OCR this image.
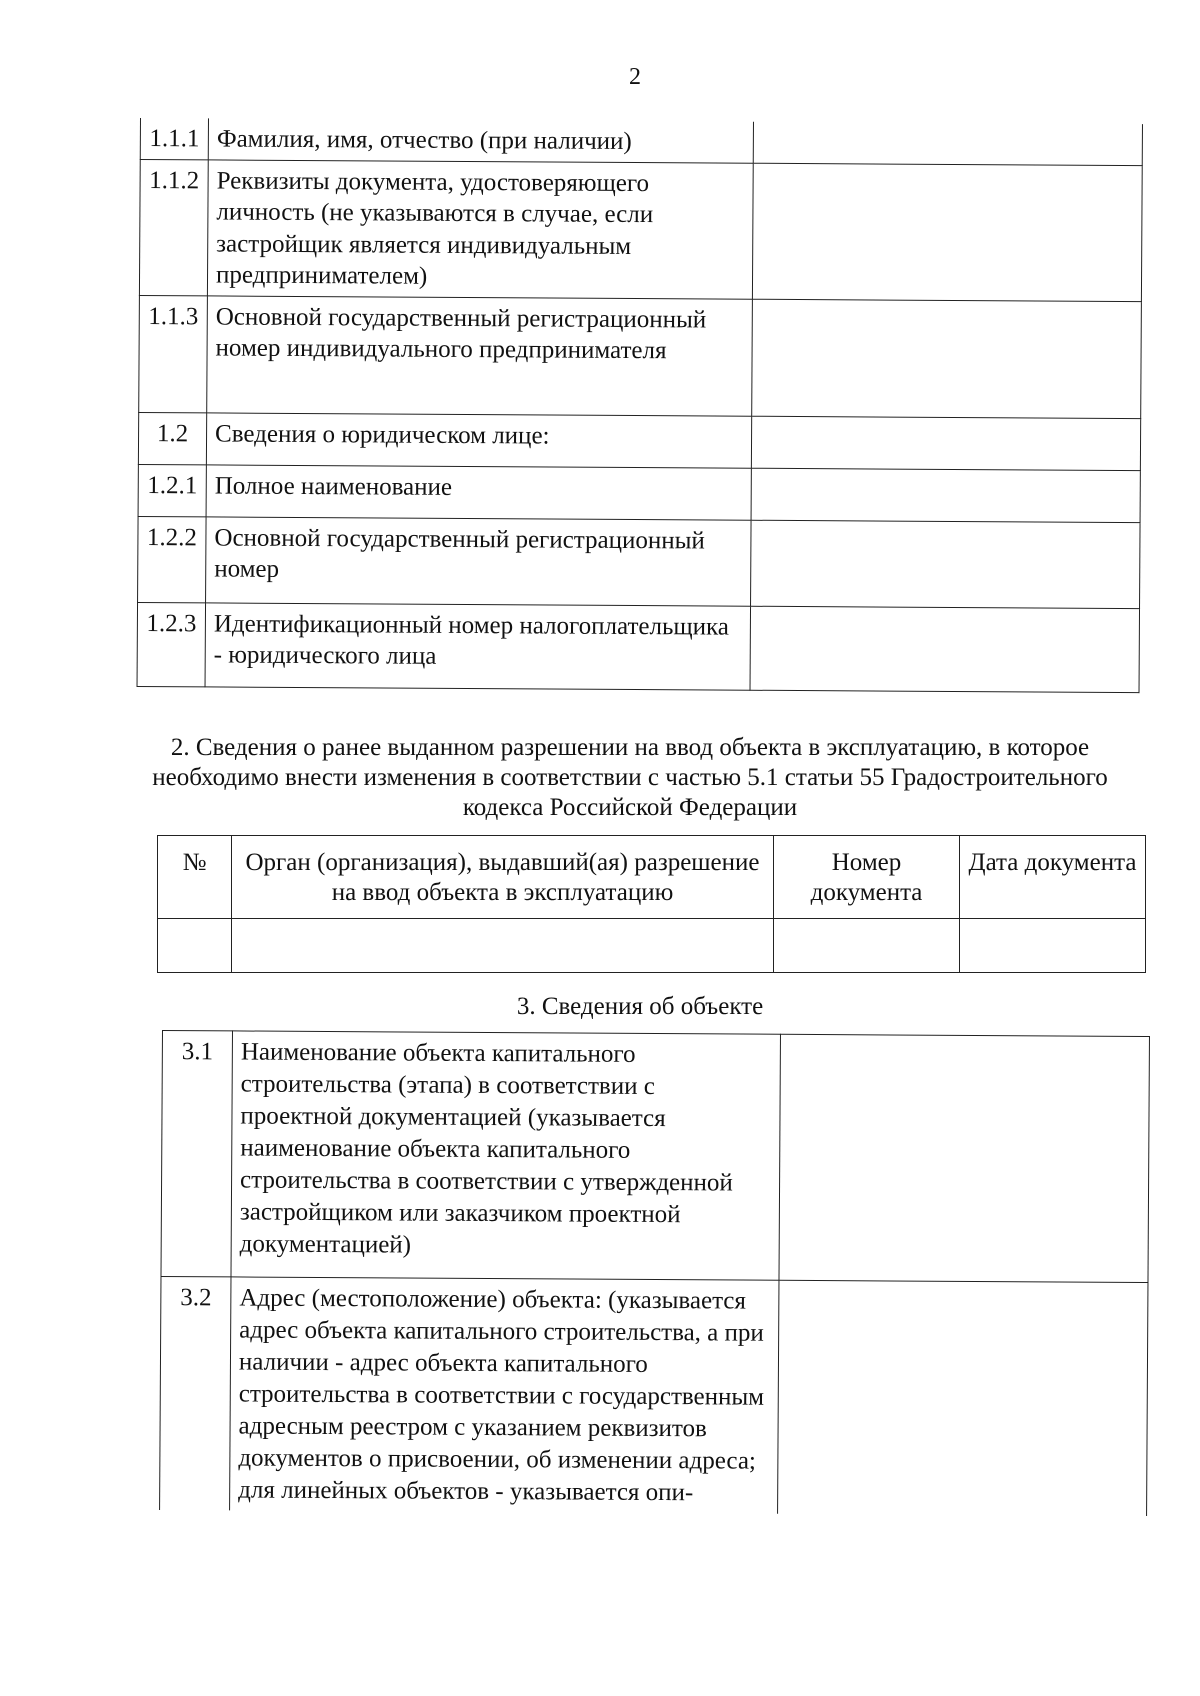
2
1.1.1	Фамилия, имя, отчество (при наличии)	
1.1.2	Реквизиты документа, удостоверяющего личность (не указываются в случае, если застройщик является индивидуальным предпринимателем)	
1.1.3	Основной государственный регистрационный номер индивидуального предпринимателя	
1.2	Сведения о юридическом лице:	
1.2.1	Полное наименование	
1.2.2	Основной государственный регистрационный номер	
1.2.3	Идентификационный номер налогоплательщика - юридического лица	
2. Сведения о ранее выданном разрешении на ввод объекта в эксплуатацию, в которое необходимо внести изменения в соответствии с частью 5.1 статьи 55 Градостроительного кодекса Российской Федерации
№	Орган (организация), выдавший(ая) разрешение на ввод объекта в эксплуатацию	Номер документа	Дата документа

3. Сведения об объекте
3.1	Наименование объекта капитального строительства (этапа) в соответствии с проектной документацией (указывается наименование объекта капитального строительства в соответствии с утвержденной застройщиком или заказчиком проектной документацией)	
3.2	Адрес (местоположение) объекта: (указывается адрес объекта капитального строительства, а при наличии - адрес объекта капитального строительства в соответствии с государственным адресным реестром с указанием реквизитов документов о присвоении, об изменении адреса; для линейных объектов - указывается опи-	
